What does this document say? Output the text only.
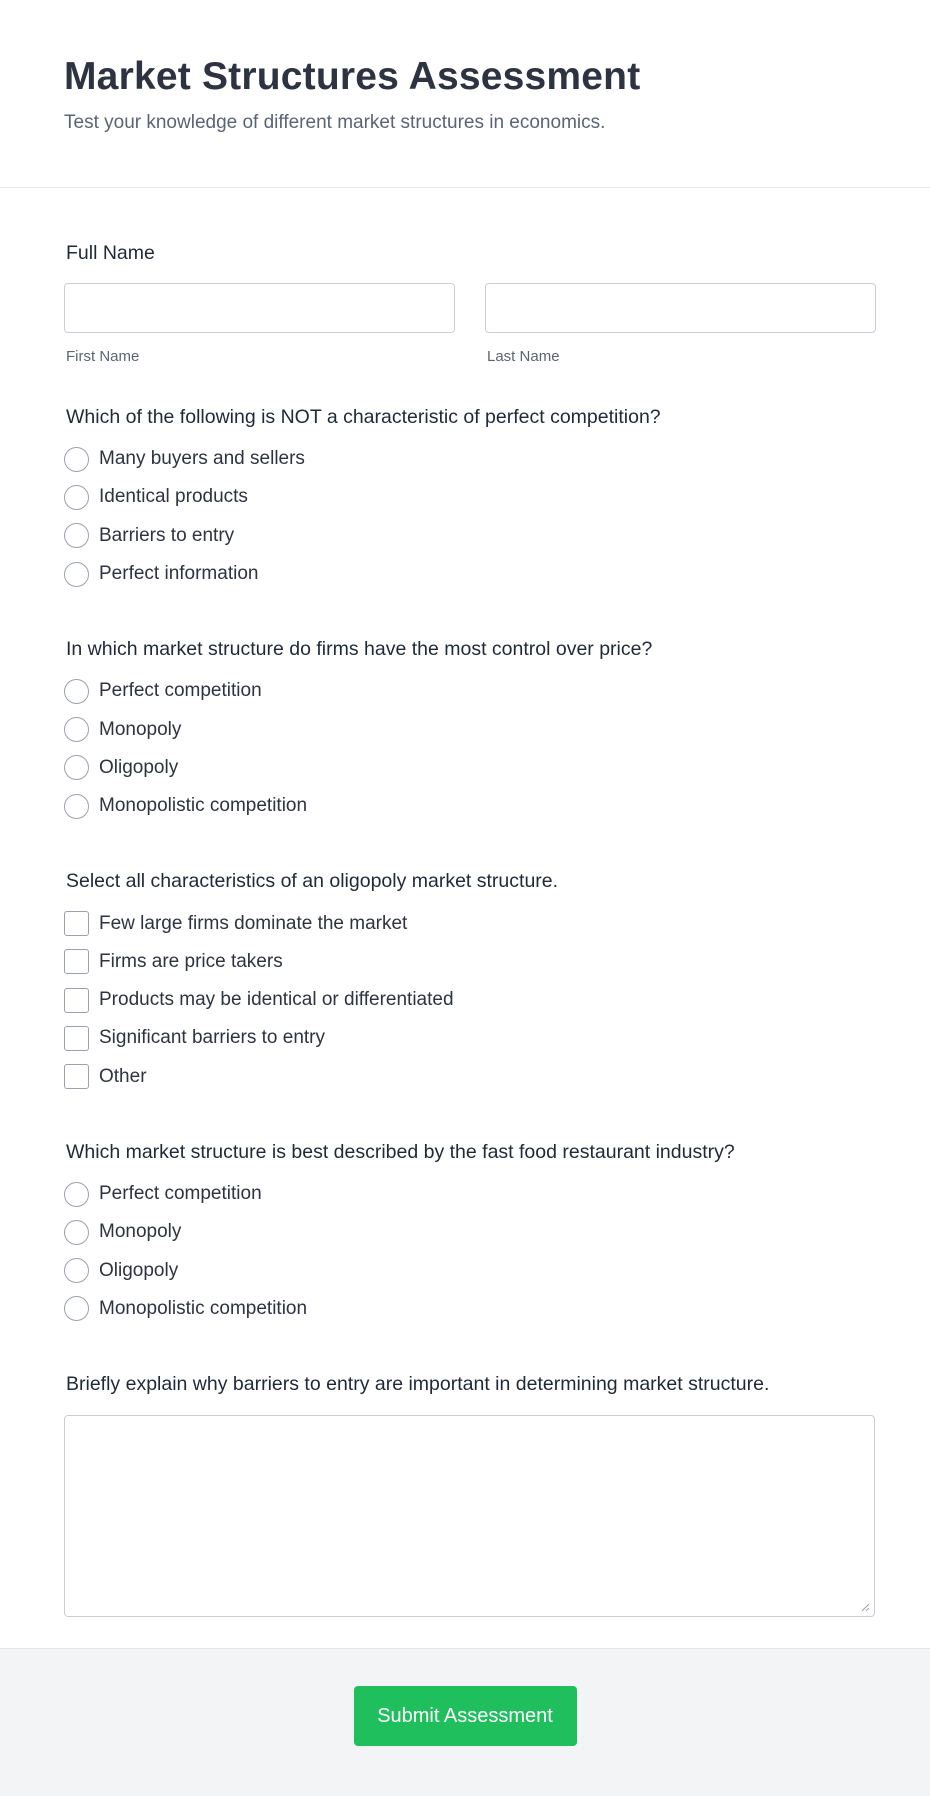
Market Structures Assessment

Test your knowledge of different market structures in economics.

Full Name
First Name	Last Name
Which of the following is NOT a characteristic of perfect competition?
Many buyers and sellers
Identical products
Barriers to entry
Perfect information
In which market structure do firms have the most control over price?
Perfect competition
Monopoly
Oligopoly
Monopolistic competition
Select all characteristics of an oligopoly market structure.
Few large firms dominate the market
Firms are price takers
Products may be identical or differentiated
Significant barriers to entry
Other
Which market structure is best described by the fast food restaurant industry?
Perfect competition
Monopoly
Oligopoly
Monopolistic competition
Briefly explain why barriers to entry are important in determining market structure.
Submit Assessment
